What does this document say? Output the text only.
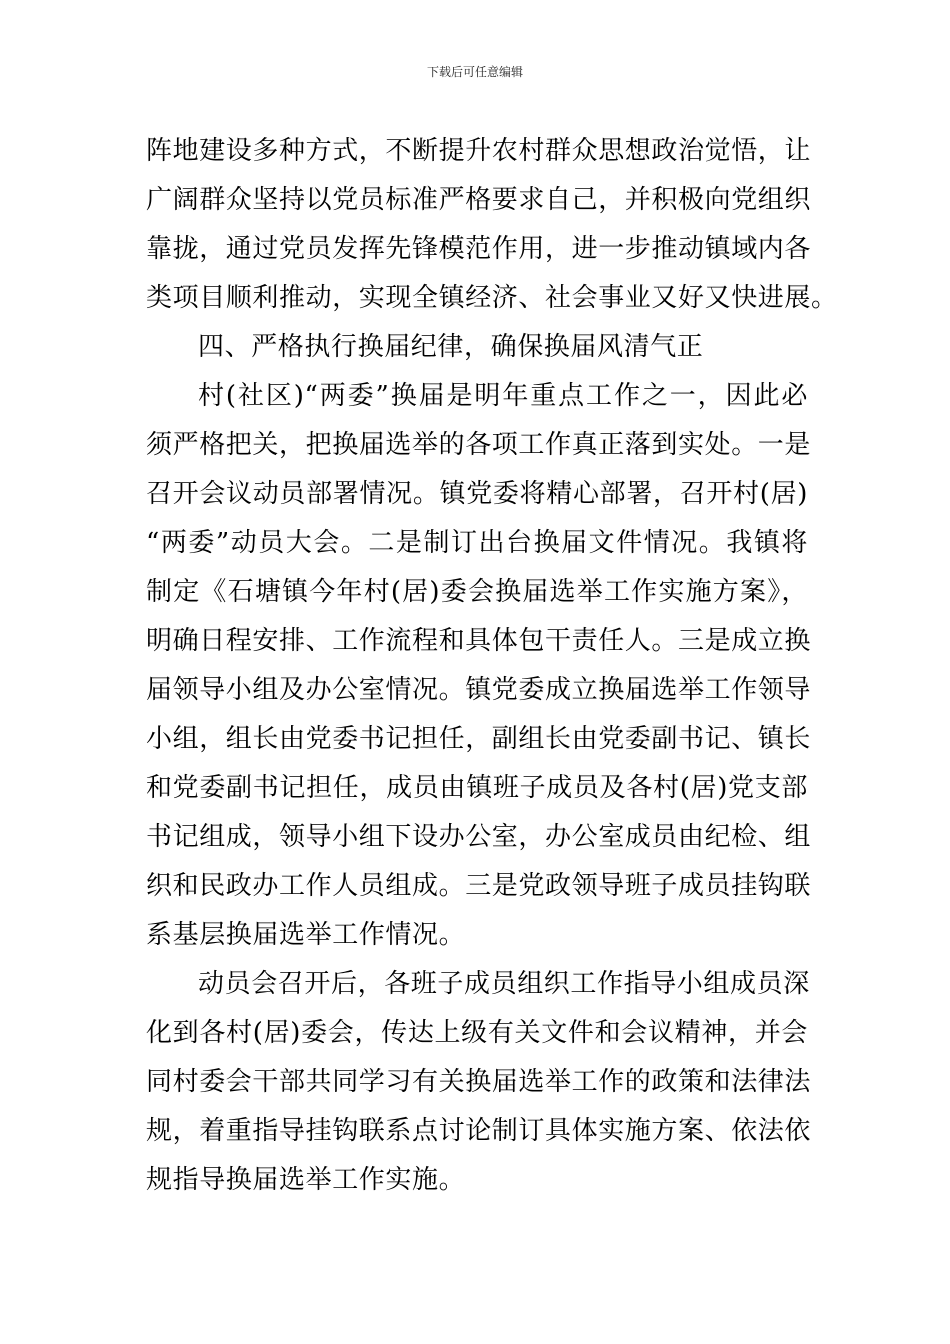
下载后可任意编辑
阵地建设多种方式，不断提升农村群众思想政治觉悟，让
广阔群众坚持以党员标准严格要求自己，并积极向党组织
靠拢，通过党员发挥先锋模范作用，进一步推动镇域内各
类项目顺利推动，实现全镇经济、社会事业又好又快进展。
四、严格执行换届纪律，确保换届风清气正
村(社区)“两委”换届是明年重点工作之一，因此必
须严格把关，把换届选举的各项工作真正落到实处。一是
召开会议动员部署情况。镇党委将精心部署，召开村(居)
“两委”动员大会。二是制订出台换届文件情况。我镇将
制定《石塘镇今年村(居)委会换届选举工作实施方案》，
明确日程安排、工作流程和具体包干责任人。三是成立换
届领导小组及办公室情况。镇党委成立换届选举工作领导
小组，组长由党委书记担任，副组长由党委副书记、镇长
和党委副书记担任，成员由镇班子成员及各村(居)党支部
书记组成，领导小组下设办公室，办公室成员由纪检、组
织和民政办工作人员组成。三是党政领导班子成员挂钩联
系基层换届选举工作情况。
动员会召开后，各班子成员组织工作指导小组成员深
化到各村(居)委会，传达上级有关文件和会议精神，并会
同村委会干部共同学习有关换届选举工作的政策和法律法
规，着重指导挂钩联系点讨论制订具体实施方案、依法依
规指导换届选举工作实施。
